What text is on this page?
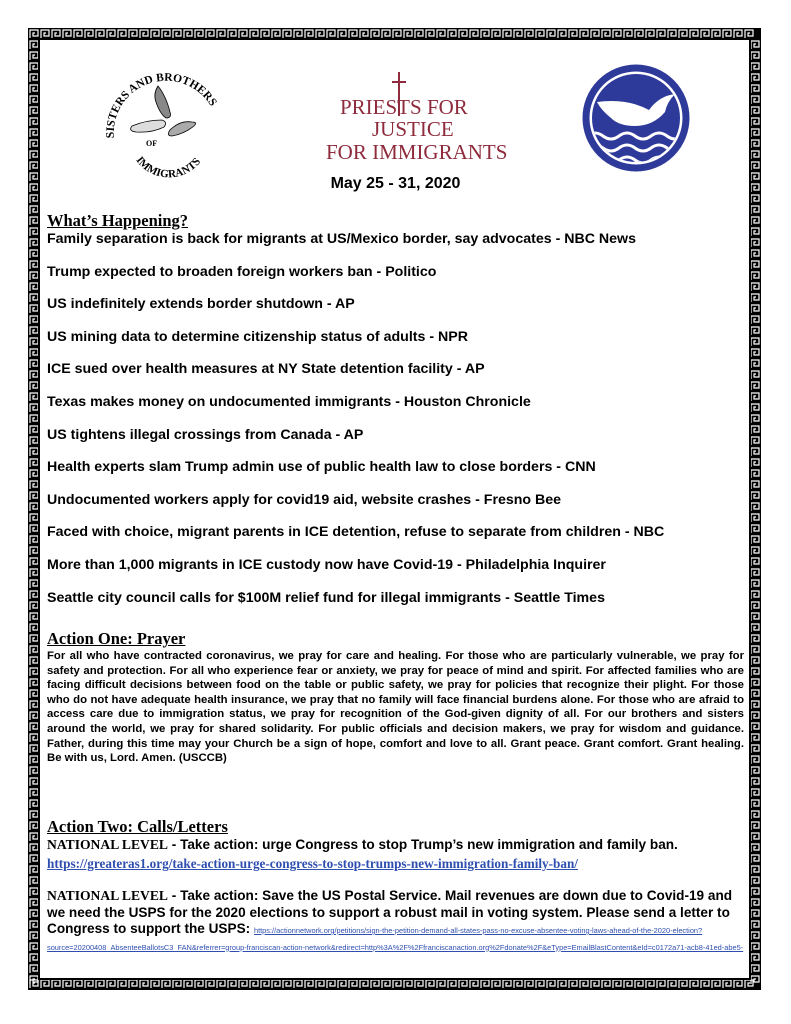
SISTERS AND BROTHERS
IMMIGRANTS
OF
PRIESTS FOR
JUSTICE
FOR IMMIGRANTS
May 25 - 31, 2020
What’s Happening?

Family separation is back for migrants at US/Mexico border, say advocates - NBC News

Trump expected to broaden foreign workers ban - Politico

US indefinitely extends border shutdown - AP

US mining data to determine citizenship status of adults - NPR

ICE sued over health measures at NY State detention facility - AP

Texas makes money on undocumented immigrants - Houston Chronicle

US tightens illegal crossings from Canada - AP

Health experts slam Trump admin use of public health law to close borders - CNN

Undocumented workers apply for covid19 aid, website crashes - Fresno Bee

Faced with choice, migrant parents in ICE detention, refuse to separate from children - NBC

More than 1,000 migrants in ICE custody now have Covid-19 - Philadelphia Inquirer

Seattle city council calls for $100M relief fund for illegal immigrants - Seattle Times

Action One: Prayer

For all who have contracted coronavirus, we pray for care and healing. For those who are particularly vulnerable, we pray for safety and protection. For all who experience fear or anxiety, we pray for peace of mind and spirit. For affected families who are facing difficult decisions between food on the table or public safety, we pray for policies that recognize their plight. For those who do not have adequate health insurance, we pray that no family will face financial burdens alone. For those who are afraid to access care due to immigration status, we pray for recognition of the God-given dignity of all. For our brothers and sisters around the world, we pray for shared solidarity. For public officials and decision makers, we pray for wisdom and guidance. Father, during this time may your Church be a sign of hope, comfort and love to all. Grant peace. Grant comfort. Grant healing. Be with us, Lord. Amen. (USCCB)

Action Two: Calls/Letters

NATIONAL LEVEL - Take action: urge Congress to stop Trump’s new immigration and family ban. https://greateras1.org/take-action-urge-congress-to-stop-trumps-new-immigration-family-ban/

NATIONAL LEVEL - Take action: Save the US Postal Service. Mail revenues are down due to Covid-19 and we need the USPS for the 2020 elections to support a robust mail in voting system. Please send a letter to Congress to support the USPS: https://actionnetwork.org/petitions/sign-the-petition-demand-all-states-pass-no-excuse-absentee-voting-laws-ahead-of-the-2020-election?source=20200408_AbsenteeBallotsC3_FAN&referrer=group-franciscan-action-network&redirect=http%3A%2F%2Ffranciscanaction.org%2Fdonate%2F&eType=EmailBlastContent&eId=c0172a71-acb8-41ed-abe5-
